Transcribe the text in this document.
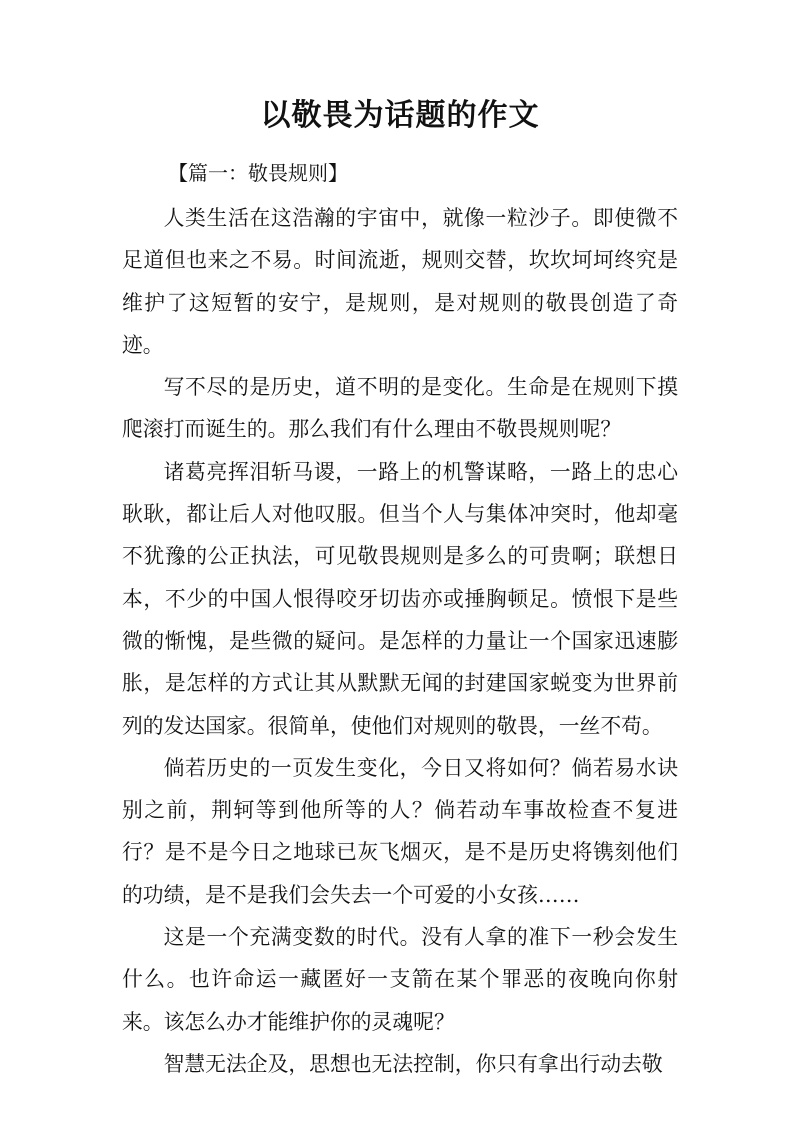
以敬畏为话题的作文
【篇一：敬畏规则】

人类生活在这浩瀚的宇宙中，就像一粒沙子。即使微不足道但也来之不易。时间流逝，规则交替，坎坎坷坷终究是维护了这短暂的安宁，是规则，是对规则的敬畏创造了奇迹。

写不尽的是历史，道不明的是变化。生命是在规则下摸爬滚打而诞生的。那么我们有什么理由不敬畏规则呢？

诸葛亮挥泪斩马谡，一路上的机警谋略，一路上的忠心耿耿，都让后人对他叹服。但当个人与集体冲突时，他却毫不犹豫的公正执法，可见敬畏规则是多么的可贵啊；联想日本，不少的中国人恨得咬牙切齿亦或捶胸顿足。愤恨下是些微的惭愧，是些微的疑问。是怎样的力量让一个国家迅速膨胀，是怎样的方式让其从默默无闻的封建国家蜕变为世界前列的发达国家。很简单，使他们对规则的敬畏，一丝不苟。

倘若历史的一页发生变化，今日又将如何？倘若易水诀别之前，荆轲等到他所等的人？倘若动车事故检查不复进行？是不是今日之地球已灰飞烟灭，是不是历史将镌刻他们的功绩，是不是我们会失去一个可爱的小女孩……

这是一个充满变数的时代。没有人拿的准下一秒会发生什么。也许命运一藏匿好一支箭在某个罪恶的夜晚向你射来。该怎么办才能维护你的灵魂呢？

智慧无法企及，思想也无法控制，你只有拿出行动去敬
